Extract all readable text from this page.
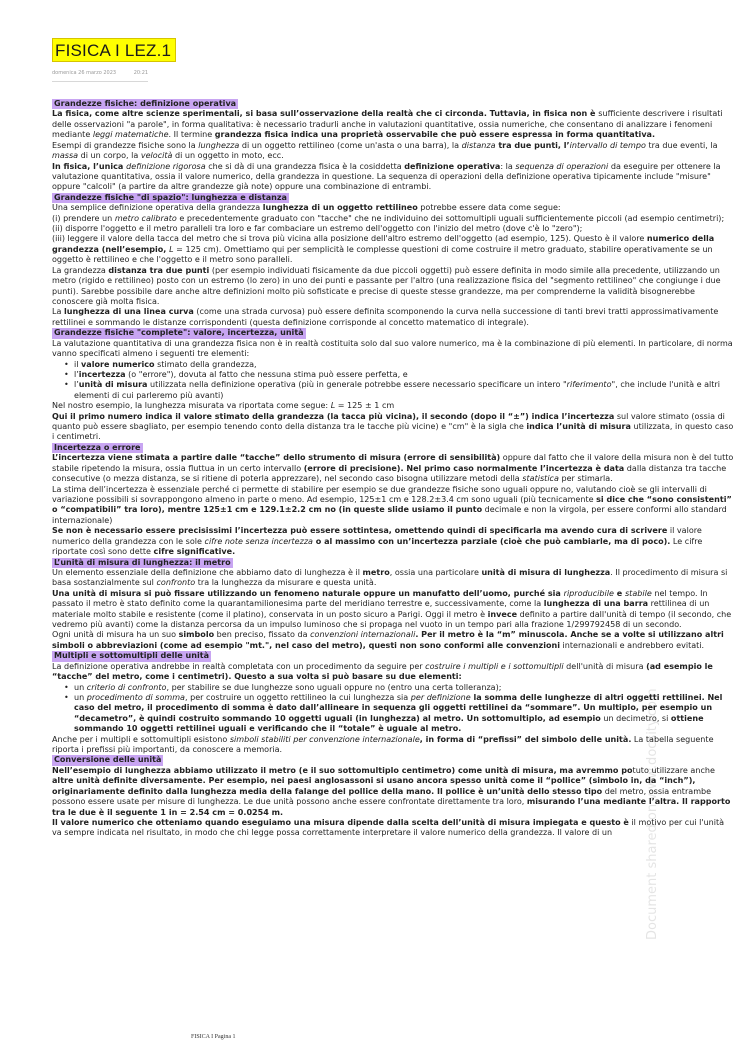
FISICA I LEZ.1
domenica 26 marzo 2023	20:21
Grandezze fisiche: definizione operativa

La fisica, come altre scienze sperimentali, si basa sull’osservazione della realtà che ci circonda. Tuttavia, in fisica non è sufficiente descrivere i risultati delle osservazioni "a parole", in forma qualitativa: è necessario tradurli anche in valutazioni quantitative, ossia numeriche, che consentano di analizzare i fenomeni mediante leggi matematiche. Il termine grandezza fisica indica una proprietà osservabile che può essere espressa in forma quantitativa.

Esempi di grandezze fisiche sono la lunghezza di un oggetto rettilineo (come un'asta o una barra), la distanza tra due punti, l’intervallo di tempo tra due eventi, la massa di un corpo, la velocità di un oggetto in moto, ecc.

In fisica, l’unica definizione rigorosa che si dà di una grandezza fisica è la cosiddetta definizione operativa: la sequenza di operazioni da eseguire per ottenere la valutazione quantitativa, ossia il valore numerico, della grandezza in questione. La sequenza di operazioni della definizione operativa tipicamente include "misure" oppure "calcoli" (a partire da altre grandezze già note) oppure una combinazione di entrambi.

Grandezze fisiche "di spazio": lunghezza e distanza

Una semplice definizione operativa della grandezza lunghezza di un oggetto rettilineo potrebbe essere data come segue:

(i) prendere un metro calibrato e precedentemente graduato con "tacche" che ne individuino dei sottomultipli uguali sufficientemente piccoli (ad esempio centimetri);

(ii) disporre l'oggetto e il metro paralleli tra loro e far combaciare un estremo dell'oggetto con l'inizio del metro (dove c'è lo "zero");

(iii) leggere il valore della tacca del metro che si trova più vicina alla posizione dell'altro estremo dell'oggetto (ad esempio, 125). Questo è il valore numerico della grandezza (nell’esempio, L = 125 cm). Omettiamo qui per semplicità le complesse questioni di come costruire il metro graduato, stabilire operativamente se un oggetto è rettilineo e che l'oggetto e il metro sono paralleli.

La grandezza distanza tra due punti (per esempio individuati fisicamente da due piccoli oggetti) può essere definita in modo simile alla precedente, utilizzando un metro (rigido e rettilineo) posto con un estremo (lo zero) in uno dei punti e passante per l'altro (una realizzazione fisica del "segmento rettilineo" che congiunge i due punti). Sarebbe possibile dare anche altre definizioni molto più sofisticate e precise di queste stesse grandezze, ma per comprenderne la validità bisognerebbe conoscere già molta fisica.

La lunghezza di una linea curva (come una strada curvosa) può essere definita scomponendo la curva nella successione di tanti brevi tratti approssimativamente rettilinei e sommando le distanze corrispondenti (questa definizione corrisponde al concetto matematico di integrale).

Grandezze fisiche "complete": valore, incertezza, unità

La valutazione quantitativa di una grandezza fisica non è in realtà costituita solo dal suo valore numerico, ma è la combinazione di più elementi. In particolare, di norma vanno specificati almeno i seguenti tre elementi:

• il valore numerico stimato della grandezza,
• l’incertezza (o "errore"), dovuta al fatto che nessuna stima può essere perfetta, e
• l’unità di misura utilizzata nella definizione operativa (più in generale potrebbe essere necessario specificare un intero "riferimento", che include l'unità e altri elementi di cui parleremo più avanti)

Nel nostro esempio, la lunghezza misurata va riportata come segue: L = 125 ± 1 cm

Qui il primo numero indica il valore stimato della grandezza (la tacca più vicina), il secondo (dopo il “±”) indica l’incertezza sul valore stimato (ossia di quanto può essere sbagliato, per esempio tenendo conto della distanza tra le tacche più vicine) e "cm" è la sigla che indica l’unità di misura utilizzata, in questo caso i centimetri.

Incertezza o errore

L’incertezza viene stimata a partire dalle “tacche” dello strumento di misura (errore di sensibilità) oppure dal fatto che il valore della misura non è del tutto stabile ripetendo la misura, ossia fluttua in un certo intervallo (errore di precisione). Nel primo caso normalmente l’incertezza è data dalla distanza tra tacche consecutive (o mezza distanza, se si ritiene di poterla apprezzare), nel secondo caso bisogna utilizzare metodi della statistica per stimarla.

La stima dell’incertezza è essenziale perché ci permette di stabilire per esempio se due grandezze fisiche sono uguali oppure no, valutando cioè se gli intervalli di variazione possibili si sovrappongono almeno in parte o meno. Ad esempio, 125±1 cm e 128.2±3.4 cm sono uguali (più tecnicamente si dice che “sono consistenti” o “compatibili” tra loro), mentre 125±1 cm e 129.1±2.2 cm no (in queste slide usiamo il punto decimale e non la virgola, per essere conformi allo standard internazionale)

Se non è necessario essere precisissimi l’incertezza può essere sottintesa, omettendo quindi di specificarla ma avendo cura di scrivere il valore numerico della grandezza con le sole cifre note senza incertezza o al massimo con un’incertezza parziale (cioè che può cambiarle, ma di poco). Le cifre riportate così sono dette cifre significative.

L’unità di misura di lunghezza: il metro

Un elemento essenziale della definizione che abbiamo dato di lunghezza è il metro, ossia una particolare unità di misura di lunghezza. Il procedimento di misura si basa sostanzialmente sul confronto tra la lunghezza da misurare e questa unità.

Una unità di misura si può fissare utilizzando un fenomeno naturale oppure un manufatto dell’uomo, purché sia riproducibile e stabile nel tempo. In passato il metro è stato definito come la quarantamilionesima parte del meridiano terrestre e, successivamente, come la lunghezza di una barra rettilinea di un materiale molto stabile e resistente (come il platino), conservata in un posto sicuro a Parigi. Oggi il metro è invece definito a partire dall'unità di tempo (il secondo, che vedremo più avanti) come la distanza percorsa da un impulso luminoso che si propaga nel vuoto in un tempo pari alla frazione 1/299792458 di un secondo.

Ogni unità di misura ha un suo simbolo ben preciso, fissato da convenzioni internazionali. Per il metro è la “m” minuscola. Anche se a volte si utilizzano altri simboli o abbreviazioni (come ad esempio "mt.", nel caso del metro), questi non sono conformi alle convenzioni internazionali e andrebbero evitati.

Multipli e sottomultipli delle unità

La definizione operativa andrebbe in realtà completata con un procedimento da seguire per costruire i multipli e i sottomultipli dell'unità di misura (ad esempio le “tacche” del metro, come i centimetri). Questo a sua volta si può basare su due elementi:

• un criterio di confronto, per stabilire se due lunghezze sono uguali oppure no (entro una certa tolleranza);
• un procedimento di somma, per costruire un oggetto rettilineo la cui lunghezza sia per definizione la somma delle lunghezze di altri oggetti rettilinei. Nel caso del metro, il procedimento di somma è dato dall’allineare in sequenza gli oggetti rettilinei da “sommare”. Un multiplo, per esempio un “decametro”, è quindi costruito sommando 10 oggetti uguali (in lunghezza) al metro. Un sottomultiplo, ad esempio un decimetro, si ottiene sommando 10 oggetti rettilinei uguali e verificando che il “totale” è uguale al metro.

Anche per i multipli e sottomultipli esistono simboli stabiliti per convenzione internazionale, in forma di “prefissi” del simbolo delle unità. La tabella seguente riporta i prefissi più importanti, da conoscere a memoria.

Conversione delle unità

Nell’esempio di lunghezza abbiamo utilizzato il metro (e il suo sottomultiplo centimetro) come unità di misura, ma avremmo potuto utilizzare anche altre unità definite diversamente. Per esempio, nei paesi anglosassoni si usano ancora spesso unità come il “pollice” (simbolo in, da “inch”), originariamente definito dalla lunghezza media della falange del pollice della mano. Il pollice è un’unità dello stesso tipo del metro, ossia entrambe possono essere usate per misure di lunghezza. Le due unità possono anche essere confrontate direttamente tra loro, misurando l’una mediante l’altra. Il rapporto tra le due è il seguente 1 in = 2.54 cm = 0.0254 m.

Il valore numerico che otteniamo quando eseguiamo una misura dipende dalla scelta dell’unità di misura impiegata e questo è il motivo per cui l'unità va sempre indicata nel risultato, in modo che chi legge possa correttamente interpretare il valore numerico della grandezza. Il valore di un	Document shared on www.docsity.com
FISICA I Pagina 1
